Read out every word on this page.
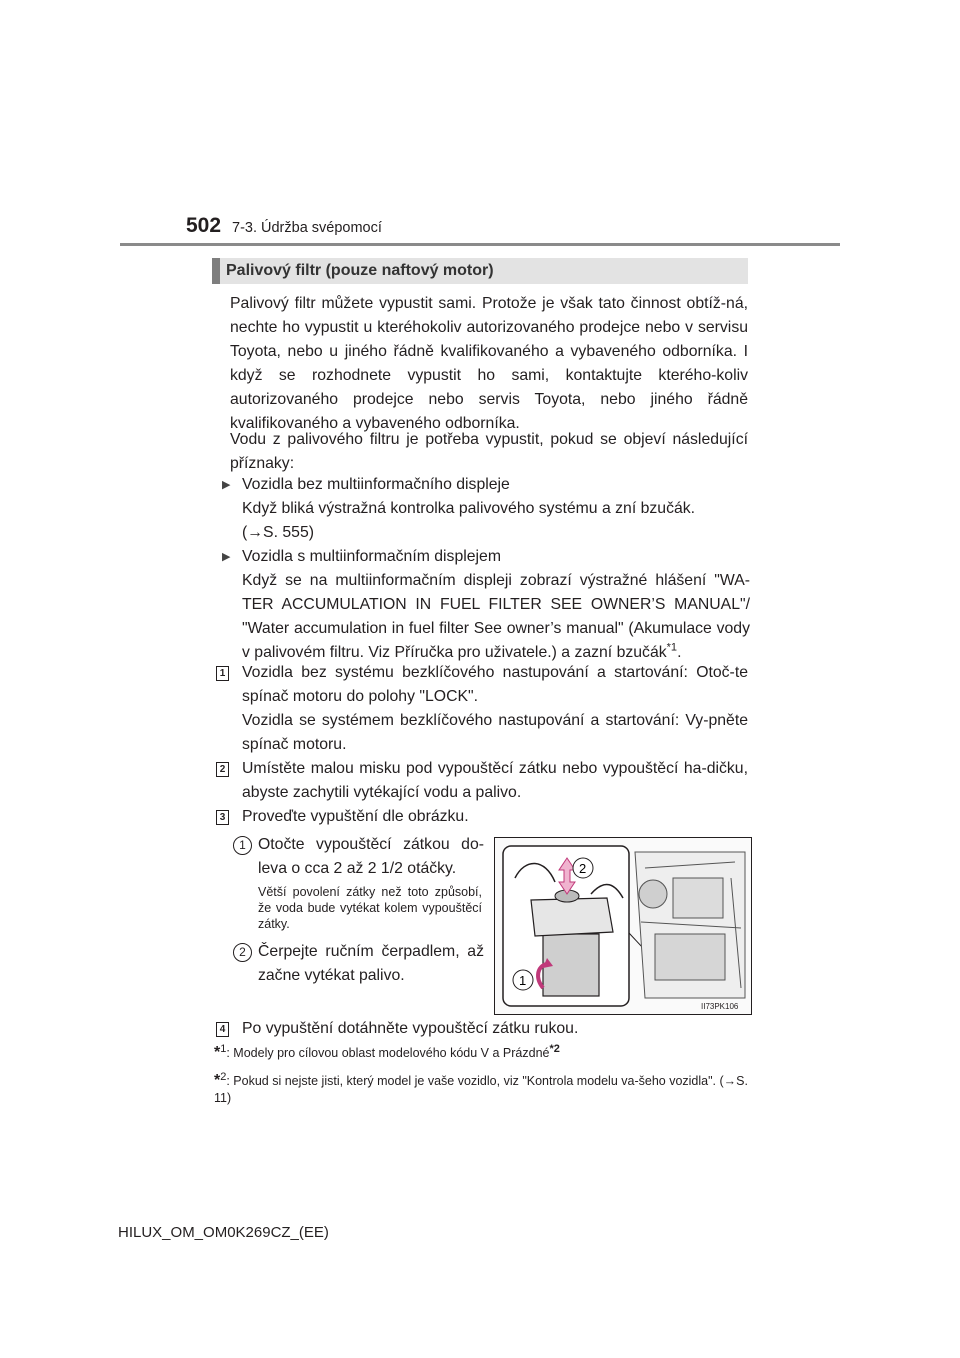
502 7-3. Údržba svépomocí
Palivový filtr (pouze naftový motor)
Palivový filtr můžete vypustit sami. Protože je však tato činnost obtíž-ná, nechte ho vypustit u kteréhokoliv autorizovaného prodejce nebo v servisu Toyota, nebo u jiného řádně kvalifikovaného a vybaveného odborníka. I když se rozhodnete vypustit ho sami, kontaktujte kterého-koliv autorizovaného prodejce nebo servis Toyota, nebo jiného řádně kvalifikovaného a vybaveného odborníka.
Vodu z palivového filtru je potřeba vypustit, pokud se objeví následující příznaky:
▶ Vozidla bez multiinformačního displeje
Když bliká výstražná kontrolka palivového systému a zní bzučák.
(→S. 555)
▶ Vozidla s multiinformačním displejem
Když se na multiinformačním displeji zobrazí výstražné hlášení "WA-TER ACCUMULATION IN FUEL FILTER SEE OWNER’S MANUAL"/ "Water accumulation in fuel filter See owner’s manual" (Akumulace vody v palivovém filtru. Viz Příručka pro uživatele.) a zazní bzučák$^{*1}$.
1 Vozidla bez systému bezklíčového nastupování a startování: Otoč-te spínač motoru do polohy "LOCK".
Vozidla se systémem bezklíčového nastupování a startování: Vy-pněte spínač motoru.
2 Umístěte malou misku pod vypouštěcí zátku nebo vypouštěcí ha-dičku, abyste zachytili vytékající vodu a palivo.
3 Proveďte vypuštění dle obrázku.
1 Otočte vypouštěcí zátkou do-leva o cca 2 až 2 1/2 otáčky.
Větší povolení zátky než toto způsobí, že voda bude vytékat kolem vypouštěcí zátky.
2 Čerpejte ručním čerpadlem, až začne vytékat palivo.
2
1
II73PK106
4 Po vypuštění dotáhněte vypouštěcí zátku rukou.
*$^1$: Modely pro cílovou oblast modelového kódu V a Prázdné$^{*2}$
*$^2$: Pokud si nejste jisti, který model je vaše vozidlo, viz "Kontrola modelu va-šeho vozidla". (→S. 11)
HILUX_OM_OM0K269CZ_(EE)
